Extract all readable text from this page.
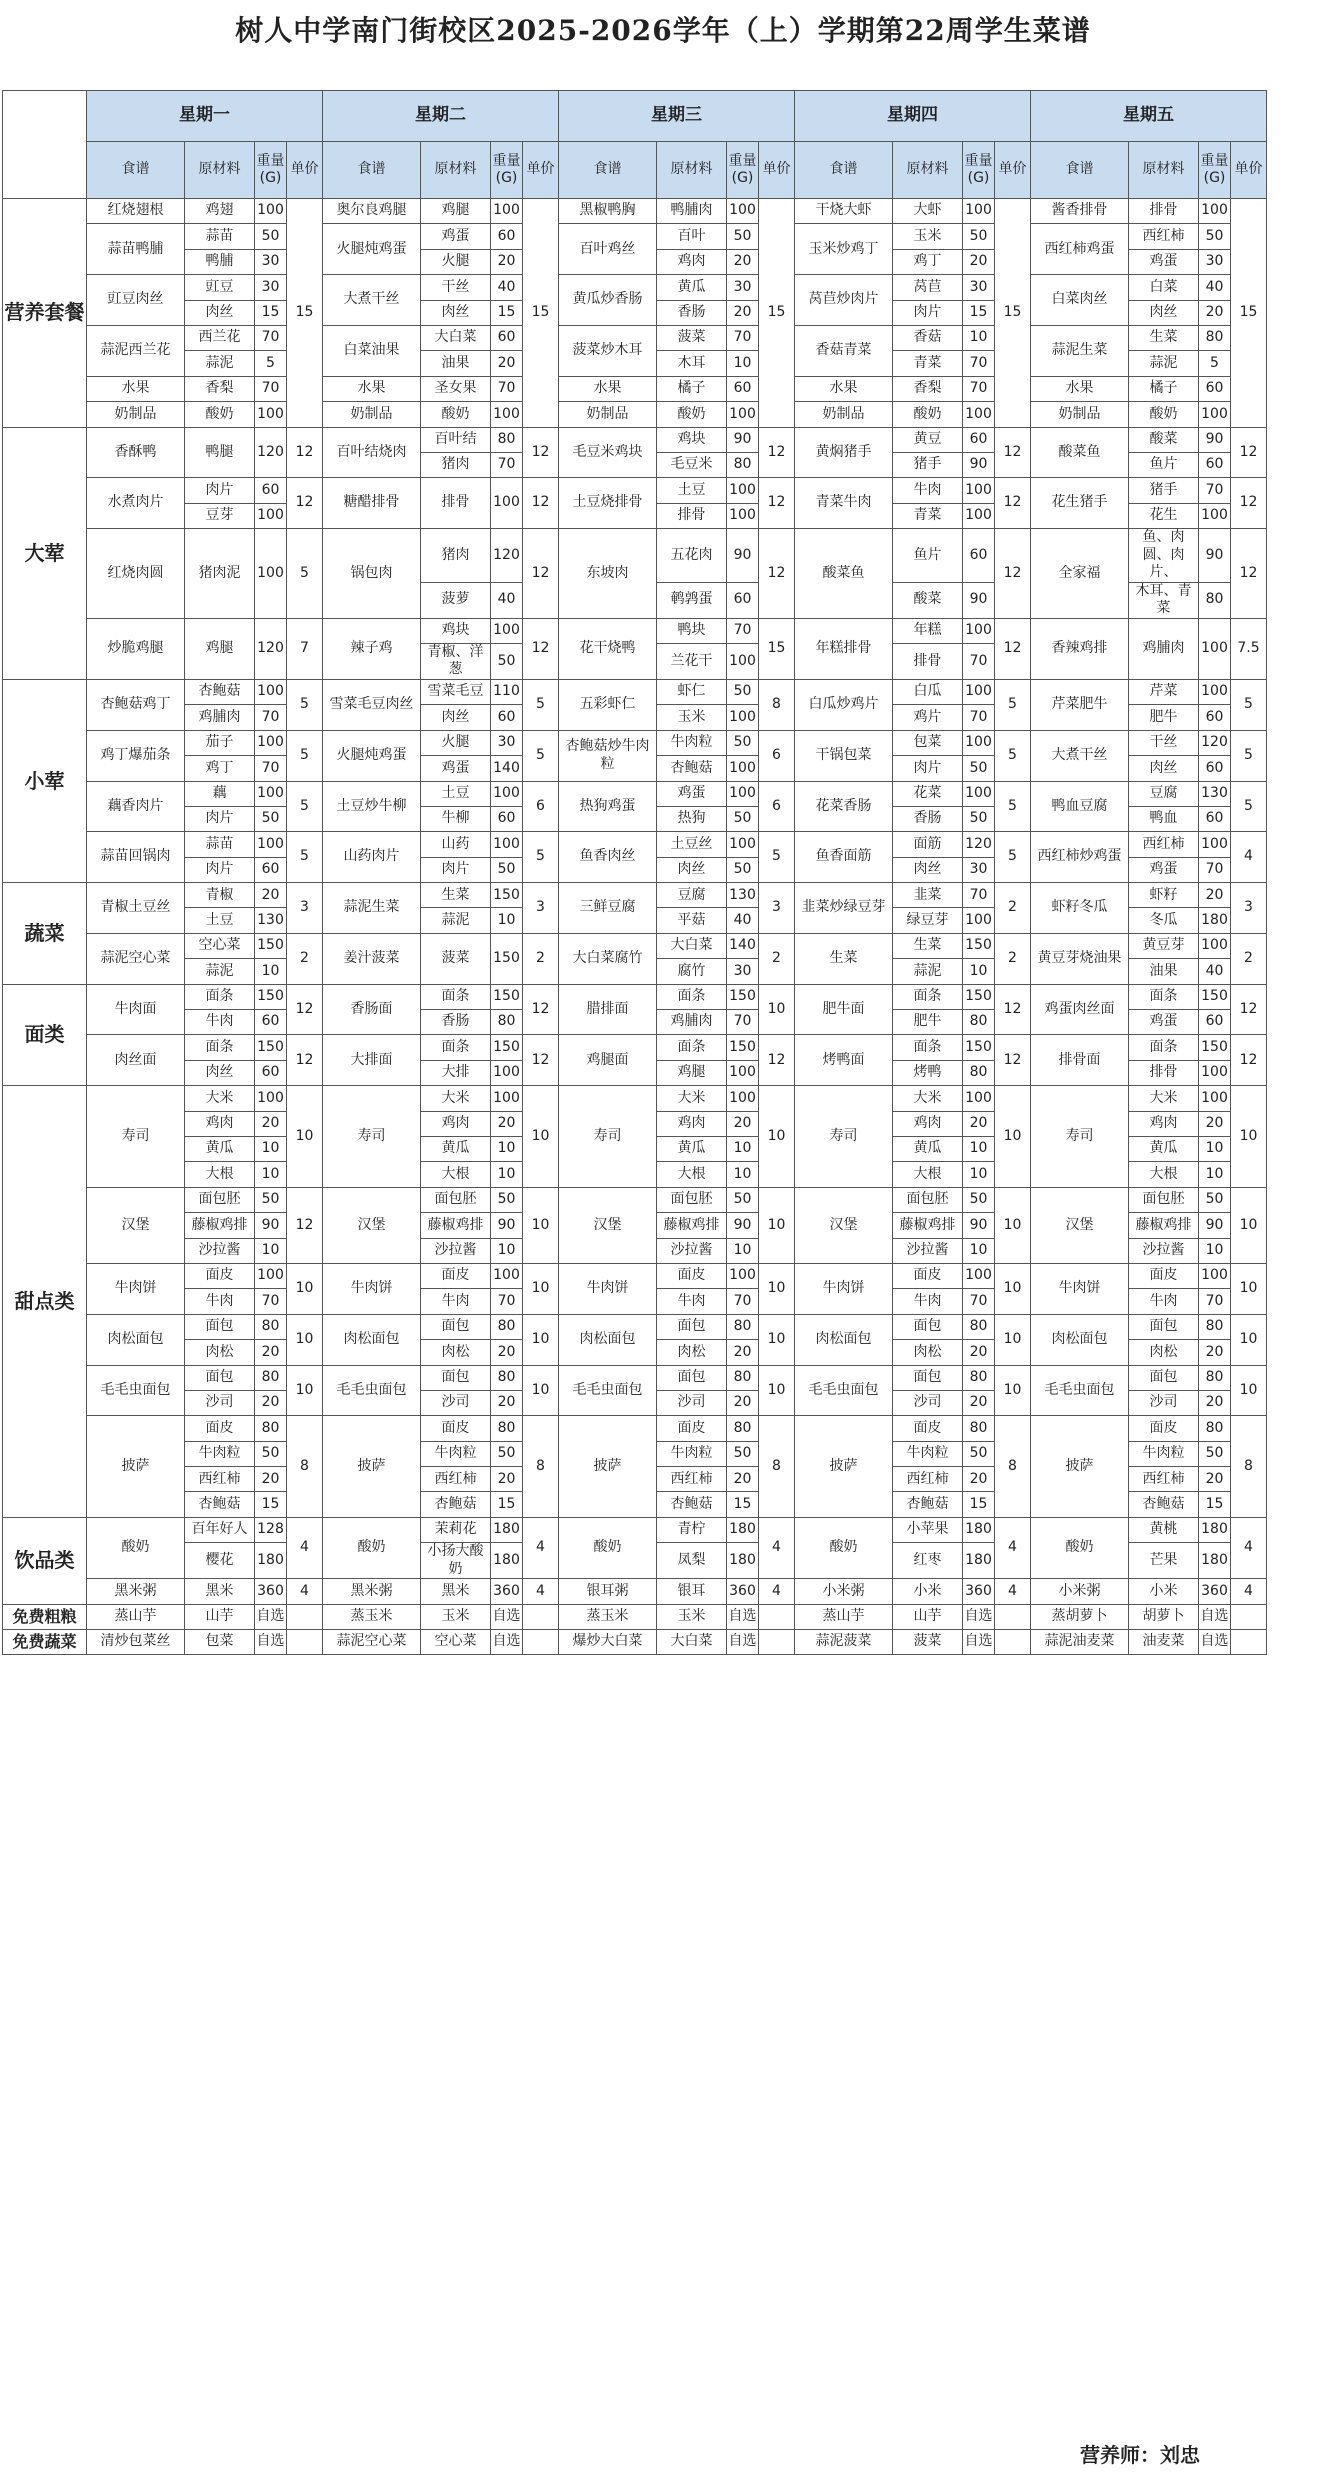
树人中学南门街校区2025-2026学年（上）学期第22周学生菜谱
	星期一				星期二				星期三				星期四				星期五			
	食谱	原材料	重量(G)	单价	食谱	原材料	重量(G)	单价	食谱	原材料	重量(G)	单价	食谱	原材料	重量(G)	单价	食谱	原材料	重量(G)	单价
营养套餐	红烧翅根	鸡翅	100	15	奥尔良鸡腿	鸡腿	100	15	黑椒鸭胸	鸭脯肉	100	15	干烧大虾	大虾	100	15	酱香排骨	排骨	100	15
	蒜苗鸭脯	蒜苗	50		火腿炖鸡蛋	鸡蛋	60		百叶鸡丝	百叶	50		玉米炒鸡丁	玉米	50		西红柿鸡蛋	西红柿	50	
		鸭脯	30			火腿	20			鸡肉	20			鸡丁	20			鸡蛋	30	
	豇豆肉丝	豇豆	30		大煮干丝	干丝	40		黄瓜炒香肠	黄瓜	30		莴苣炒肉片	莴苣	30		白菜肉丝	白菜	40	
		肉丝	15			肉丝	15			香肠	20			肉片	15			肉丝	20	
	蒜泥西兰花	西兰花	70		白菜油果	大白菜	60		菠菜炒木耳	菠菜	70		香菇青菜	香菇	10		蒜泥生菜	生菜	80	
		蒜泥	5			油果	20			木耳	10			青菜	70			蒜泥	5	
	水果	香梨	70		水果	圣女果	70		水果	橘子	60		水果	香梨	70		水果	橘子	60	
	奶制品	酸奶	100		奶制品	酸奶	100		奶制品	酸奶	100		奶制品	酸奶	100		奶制品	酸奶	100	
大荤	香酥鸭	鸭腿	120	12	百叶结烧肉	百叶结	80	12	毛豆米鸡块	鸡块	90	12	黄焖猪手	黄豆	60	12	酸菜鱼	酸菜	90	12
						猪肉	70			毛豆米	80			猪手	90			鱼片	60	
	水煮肉片	肉片	60	12	糖醋排骨	排骨	100	12	土豆烧排骨	土豆	100	12	青菜牛肉	牛肉	100	12	花生猪手	猪手	70	12
		豆芽	100							排骨	100			青菜	100			花生	100	
	红烧肉圆	猪肉泥	100	5	锅包肉	猪肉	120	12	东坡肉	五花肉	90	12	酸菜鱼	鱼片	60	12	全家福	鱼、肉圆、肉片、	90	12
						菠萝	40			鹌鹑蛋	60			酸菜	90			木耳、青菜	80	
	炒脆鸡腿	鸡腿	120	7	辣子鸡	鸡块	100	12	花干烧鸭	鸭块	70	15	年糕排骨	年糕	100	12	香辣鸡排	鸡脯肉	100	7.5
						青椒、洋葱	50			兰花干	100			排骨	70					
小荤	杏鲍菇鸡丁	杏鲍菇	100	5	雪菜毛豆肉丝	雪菜毛豆	110	5	五彩虾仁	虾仁	50	8	白瓜炒鸡片	白瓜	100	5	芹菜肥牛	芹菜	100	5
		鸡脯肉	70			肉丝	60			玉米	100			鸡片	70			肥牛	60	
	鸡丁爆茄条	茄子	100	5	火腿炖鸡蛋	火腿	30	5	杏鲍菇炒牛肉粒	牛肉粒	50	6	干锅包菜	包菜	100	5	大煮干丝	干丝	120	5
		鸡丁	70			鸡蛋	140			杏鲍菇	100			肉片	50			肉丝	60	
	藕香肉片	藕	100	5	土豆炒牛柳	土豆	100	6	热狗鸡蛋	鸡蛋	100	6	花菜香肠	花菜	100	5	鸭血豆腐	豆腐	130	5
		肉片	50			牛柳	60			热狗	50			香肠	50			鸭血	60	
	蒜苗回锅肉	蒜苗	100	5	山药肉片	山药	100	5	鱼香肉丝	土豆丝	100	5	鱼香面筋	面筋	120	5	西红柿炒鸡蛋	西红柿	100	4
		肉片	60			肉片	50			肉丝	50			肉丝	30			鸡蛋	70	
蔬菜	青椒土豆丝	青椒	20	3	蒜泥生菜	生菜	150	3	三鲜豆腐	豆腐	130	3	韭菜炒绿豆芽	韭菜	70	2	虾籽冬瓜	虾籽	20	3
		土豆	130			蒜泥	10			平菇	40			绿豆芽	100			冬瓜	180	
	蒜泥空心菜	空心菜	150	2	姜汁菠菜	菠菜	150	2	大白菜腐竹	大白菜	140	2	生菜	生菜	150	2	黄豆芽烧油果	黄豆芽	100	2
		蒜泥	10							腐竹	30			蒜泥	10			油果	40	
面类	牛肉面	面条	150	12	香肠面	面条	150	12	腊排面	面条	150	10	肥牛面	面条	150	12	鸡蛋肉丝面	面条	150	12
		牛肉	60			香肠	80			鸡脯肉	70			肥牛	80			鸡蛋	60	
	肉丝面	面条	150	12	大排面	面条	150	12	鸡腿面	面条	150	12	烤鸭面	面条	150	12	排骨面	面条	150	12
		肉丝	60			大排	100			鸡腿	100			烤鸭	80			排骨	100	
甜点类	寿司	大米	100	10	寿司	大米	100	10	寿司	大米	100	10	寿司	大米	100	10	寿司	大米	100	10
		鸡肉	20			鸡肉	20			鸡肉	20			鸡肉	20			鸡肉	20	
		黄瓜	10			黄瓜	10			黄瓜	10			黄瓜	10			黄瓜	10	
		大根	10			大根	10			大根	10			大根	10			大根	10	
	汉堡	面包胚	50	12	汉堡	面包胚	50	10	汉堡	面包胚	50	10	汉堡	面包胚	50	10	汉堡	面包胚	50	10
		藤椒鸡排	90			藤椒鸡排	90			藤椒鸡排	90			藤椒鸡排	90			藤椒鸡排	90	
		沙拉酱	10			沙拉酱	10			沙拉酱	10			沙拉酱	10			沙拉酱	10	
	牛肉饼	面皮	100	10	牛肉饼	面皮	100	10	牛肉饼	面皮	100	10	牛肉饼	面皮	100	10	牛肉饼	面皮	100	10
		牛肉	70			牛肉	70			牛肉	70			牛肉	70			牛肉	70	
	肉松面包	面包	80	10	肉松面包	面包	80	10	肉松面包	面包	80	10	肉松面包	面包	80	10	肉松面包	面包	80	10
		肉松	20			肉松	20			肉松	20			肉松	20			肉松	20	
	毛毛虫面包	面包	80	10	毛毛虫面包	面包	80	10	毛毛虫面包	面包	80	10	毛毛虫面包	面包	80	10	毛毛虫面包	面包	80	10
		沙司	20			沙司	20			沙司	20			沙司	20			沙司	20	
	披萨	面皮	80	8	披萨	面皮	80	8	披萨	面皮	80	8	披萨	面皮	80	8	披萨	面皮	80	8
		牛肉粒	50			牛肉粒	50			牛肉粒	50			牛肉粒	50			牛肉粒	50	
		西红柿	20			西红柿	20			西红柿	20			西红柿	20			西红柿	20	
		杏鲍菇	15			杏鲍菇	15			杏鲍菇	15			杏鲍菇	15			杏鲍菇	15	
饮品类	酸奶	百年好人	128	4	酸奶	茉莉花	180	4	酸奶	青柠	180	4	酸奶	小苹果	180	4	酸奶	黄桃	180	4
		樱花	180			小扬大酸奶	180			凤梨	180			红枣	180			芒果	180	
	黑米粥	黑米	360	4	黑米粥	黑米	360	4	银耳粥	银耳	360	4	小米粥	小米	360	4	小米粥	小米	360	4
免费粗粮	蒸山芋	山芋	自选		蒸玉米	玉米	自选		蒸玉米	玉米	自选		蒸山芋	山芋	自选		蒸胡萝卜	胡萝卜	自选	
免费蔬菜	清炒包菜丝	包菜	自选		蒜泥空心菜	空心菜	自选		爆炒大白菜	大白菜	自选		蒜泥菠菜	菠菜	自选		蒜泥油麦菜	油麦菜	自选	
营养师：刘忠
